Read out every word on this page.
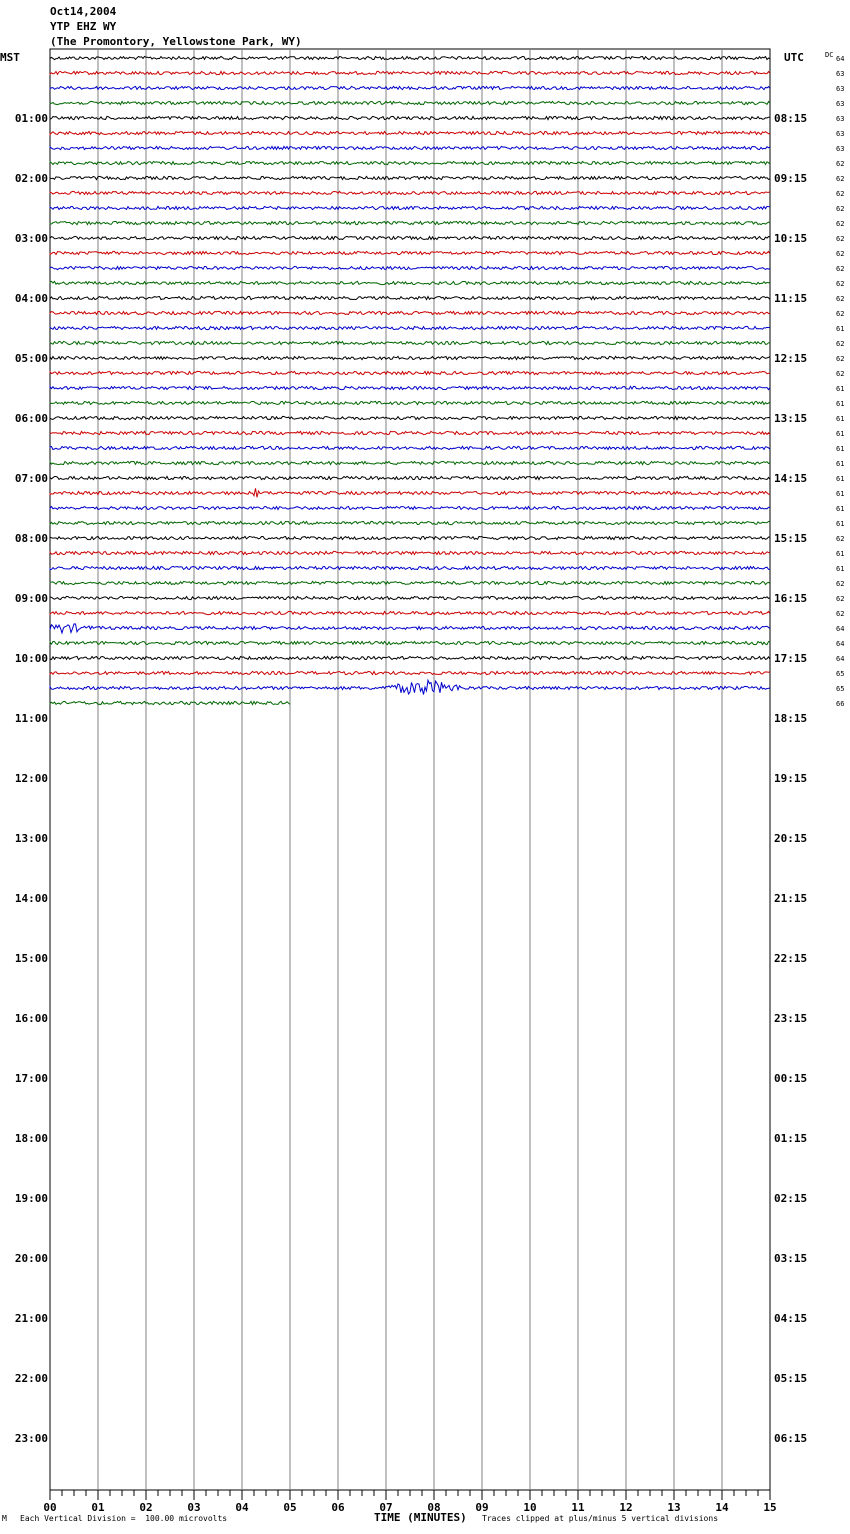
Oct14,2004
YTP EHZ WY
(The Promontory, Yellowstone Park, WY)
00	01	02	03	04	05	06	07	08	09	10	11	12	13	14	15
MST	UTC	DC
01:00
02:00
03:00
04:00
05:00
06:00
07:00
08:00
09:00
10:00
11:00
12:00
13:00
14:00
15:00
16:00
17:00
18:00
19:00
20:00
21:00
22:00
23:00
08:15
09:15
10:15
11:15
12:15
13:15
14:15
15:15
16:15
17:15
18:15
19:15
20:15
21:15
22:15
23:15
00:15
01:15
02:15
03:15
04:15
05:15
06:15
64
63
63
63
63
63
63
62
62
62
62
62
62
62
62
62
62
62
61
62
62
62
61
61
61
61
61
61
61
61
61
61
62
61
61
62
62
62
64
64
64
65
65
66
TIME (MINUTES)
M Each Vertical Division =  100.00 microvolts	Traces clipped at plus/minus 5 vertical divisions
